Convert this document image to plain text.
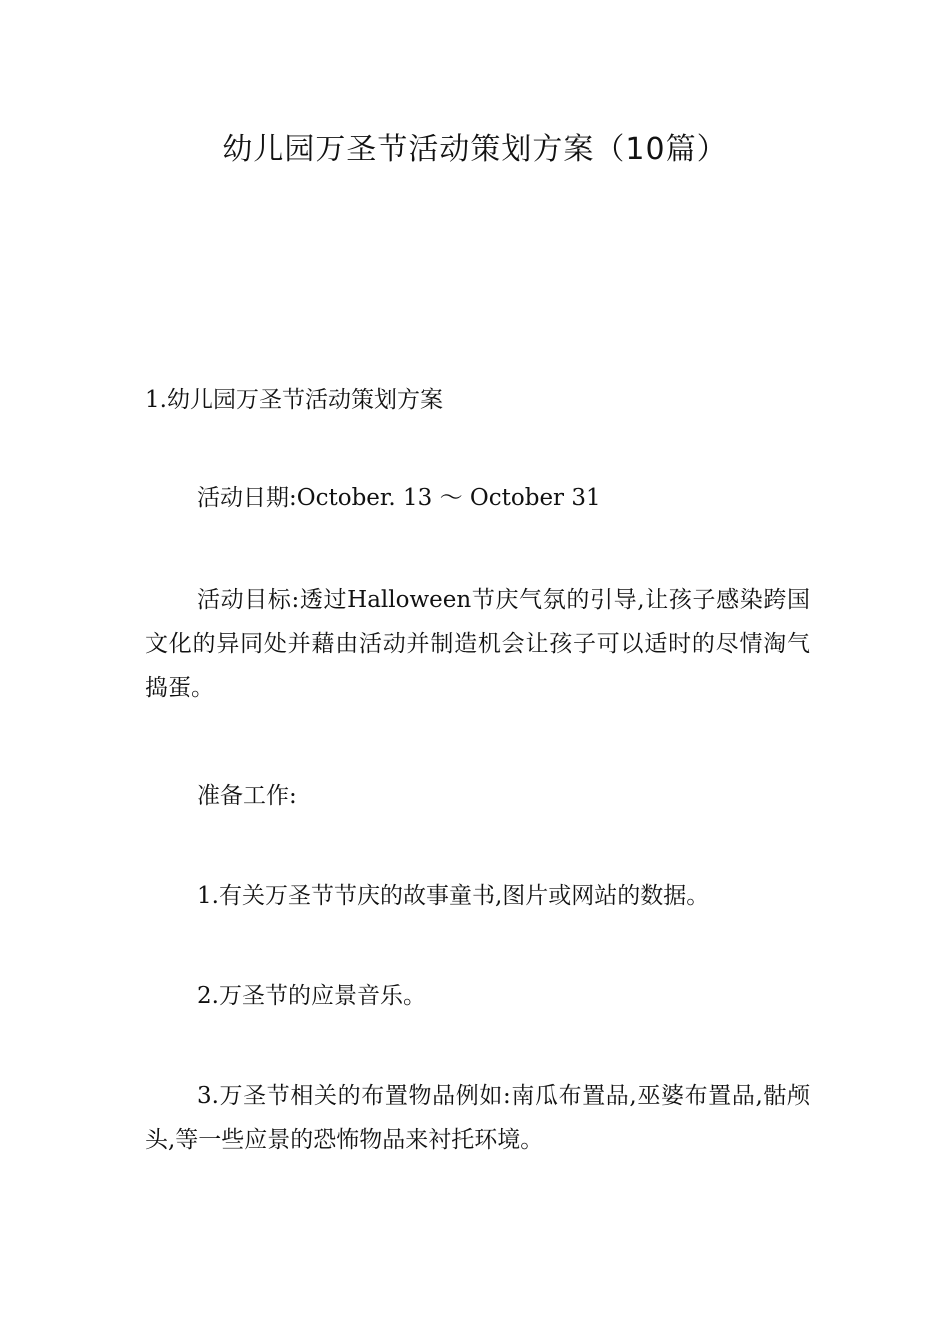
幼儿园万圣节活动策划方案（10篇）

1.幼儿园万圣节活动策划方案

活动日期:October. 13 ～ October 31

活动目标:透过Halloween节庆气氛的引导,让孩子感染跨国文化的异同处并藉由活动并制造机会让孩子可以适时的尽情淘气捣蛋。

准备工作:

1.有关万圣节节庆的故事童书,图片或网站的数据。

2.万圣节的应景音乐。

3.万圣节相关的布置物品例如:南瓜布置品,巫婆布置品,骷颅头,等一些应景的恐怖物品来衬托环境。
